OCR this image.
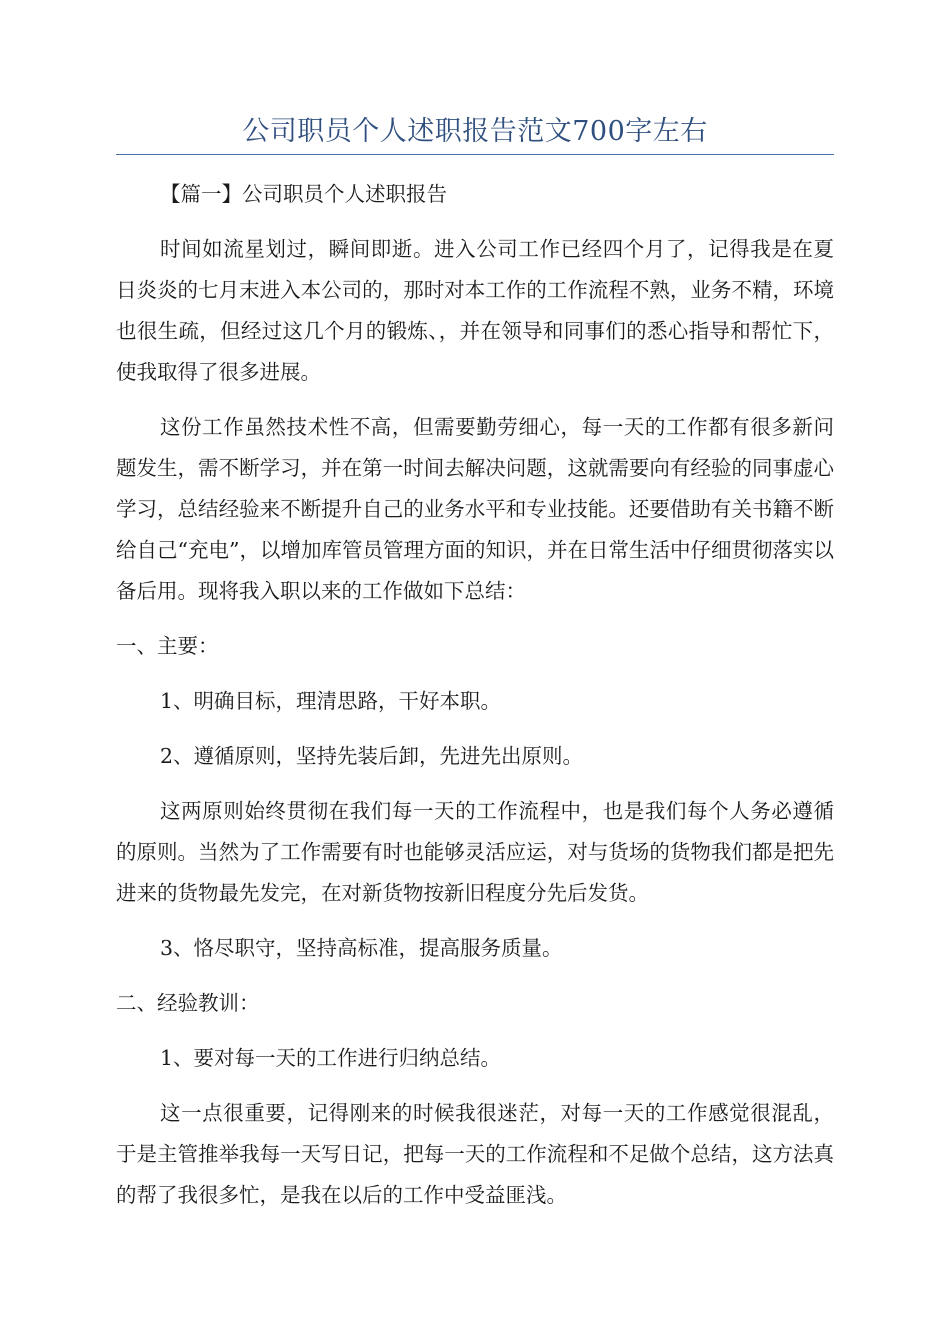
公司职员个人述职报告范文700字左右

【篇一】公司职员个人述职报告

时间如流星划过，瞬间即逝。进入公司工作已经四个月了，记得我是在夏日炎炎的七月末进入本公司的，那时对本工作的工作流程不熟，业务不精，环境也很生疏，但经过这几个月的锻炼、，并在领导和同事们的悉心指导和帮忙下，使我取得了很多进展。

这份工作虽然技术性不高，但需要勤劳细心，每一天的工作都有很多新问题发生，需不断学习，并在第一时间去解决问题，这就需要向有经验的同事虚心学习，总结经验来不断提升自己的业务水平和专业技能。还要借助有关书籍不断给自己“充电”，以增加库管员管理方面的知识，并在日常生活中仔细贯彻落实以备后用。现将我入职以来的工作做如下总结：

一、主要：

1、明确目标，理清思路，干好本职。

2、遵循原则，坚持先装后卸，先进先出原则。

这两原则始终贯彻在我们每一天的工作流程中，也是我们每个人务必遵循的原则。当然为了工作需要有时也能够灵活应运，对与货场的货物我们都是把先进来的货物最先发完，在对新货物按新旧程度分先后发货。

3、恪尽职守，坚持高标准，提高服务质量。

二、经验教训：

1、要对每一天的工作进行归纳总结。

这一点很重要，记得刚来的时候我很迷茫，对每一天的工作感觉很混乱，于是主管推举我每一天写日记，把每一天的工作流程和不足做个总结，这方法真的帮了我很多忙，是我在以后的工作中受益匪浅。
